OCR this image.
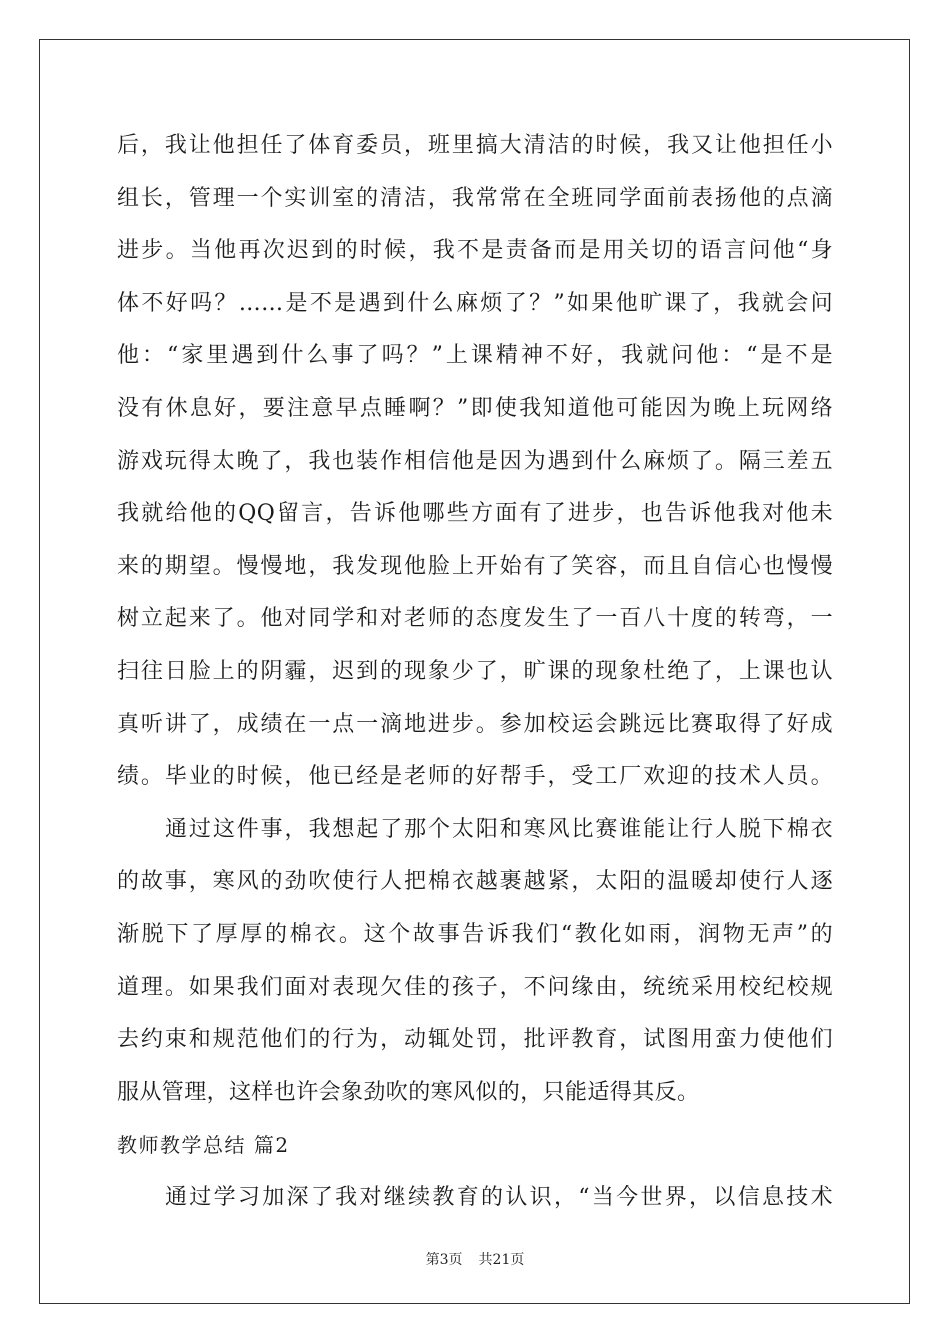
后，我让他担任了体育委员，班里搞大清洁的时候，我又让他担任小
组长，管理一个实训室的清洁，我常常在全班同学面前表扬他的点滴
进步。当他再次迟到的时候，我不是责备而是用关切的语言问他“身
体不好吗？……是不是遇到什么麻烦了？”如果他旷课了，我就会问
他：“家里遇到什么事了吗？”上课精神不好，我就问他：“是不是
没有休息好，要注意早点睡啊？”即使我知道他可能因为晚上玩网络
游戏玩得太晚了，我也装作相信他是因为遇到什么麻烦了。隔三差五
我就给他的QQ留言，告诉他哪些方面有了进步，也告诉他我对他未
来的期望。慢慢地，我发现他脸上开始有了笑容，而且自信心也慢慢
树立起来了。他对同学和对老师的态度发生了一百八十度的转弯，一
扫往日脸上的阴霾，迟到的现象少了，旷课的现象杜绝了，上课也认
真听讲了，成绩在一点一滴地进步。参加校运会跳远比赛取得了好成
绩。毕业的时候，他已经是老师的好帮手，受工厂欢迎的技术人员。
通过这件事，我想起了那个太阳和寒风比赛谁能让行人脱下棉衣
的故事，寒风的劲吹使行人把棉衣越裹越紧，太阳的温暖却使行人逐
渐脱下了厚厚的棉衣。这个故事告诉我们“教化如雨，润物无声”的
道理。如果我们面对表现欠佳的孩子，不问缘由，统统采用校纪校规
去约束和规范他们的行为，动辄处罚，批评教育，试图用蛮力使他们
服从管理，这样也许会象劲吹的寒风似的，只能适得其反。
教师教学总结 篇2
通过学习加深了我对继续教育的认识，“当今世界，以信息技术
第3页 共21页
